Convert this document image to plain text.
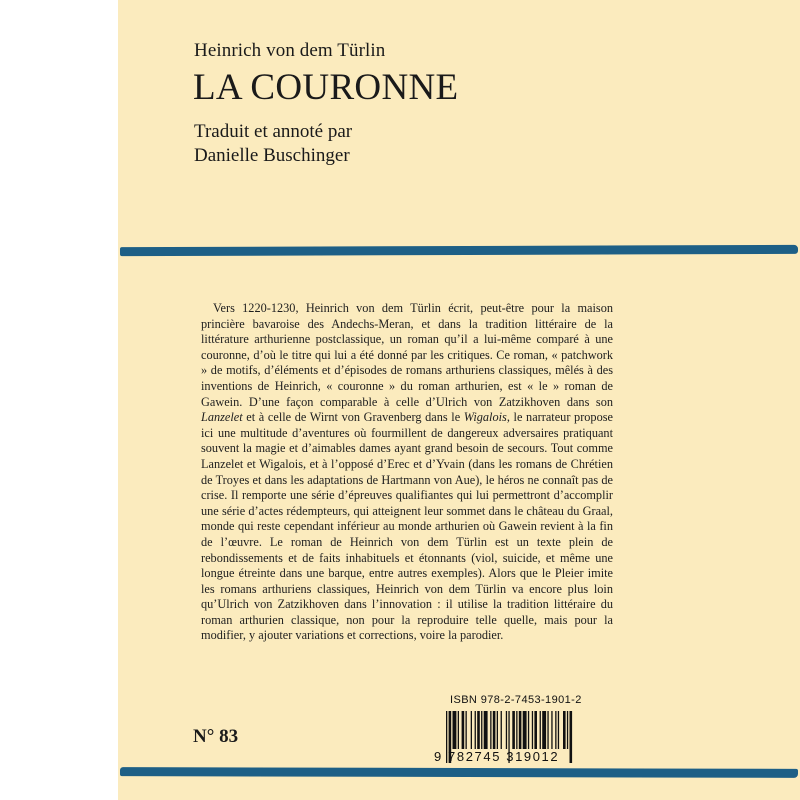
Heinrich von dem Türlin
LA COURONNE
Traduit et annoté par
Danielle Buschinger
Vers 1220-1230, Heinrich von dem Türlin écrit, peut-être pour la maison princière bavaroise des Andechs-Meran, et dans la tradition littéraire de la littérature arthurienne postclassique, un roman qu’il a lui-même comparé à une couronne, d’où le titre qui lui a été donné par les critiques. Ce roman, « patchwork » de motifs, d’éléments et d’épisodes de romans arthuriens classiques, mêlés à des inventions de Heinrich, « couronne » du roman arthurien, est « le » roman de Gawein. D’une façon comparable à celle d’Ulrich von Zatzikhoven dans son Lanzelet et à celle de Wirnt von Gravenberg dans le Wigalois, le narrateur propose ici une multitude d’aventures où fourmillent de dangereux adversaires pratiquant souvent la magie et d’aimables dames ayant grand besoin de secours. Tout comme Lanzelet et Wigalois, et à l’opposé d’Erec et d’Yvain (dans les romans de Chrétien de Troyes et dans les adaptations de Hartmann von Aue), le héros ne connaît pas de crise. Il remporte une série d’épreuves qualifiantes qui lui permettront d’accomplir une série d’actes rédempteurs, qui atteignent leur sommet dans le château du Graal, monde qui reste cependant inférieur au monde arthurien où Gawein revient à la fin de l’œuvre. Le roman de Heinrich von dem Türlin est un texte plein de rebondissements et de faits inhabituels et étonnants (viol, suicide, et même une longue étreinte dans une barque, entre autres exemples). Alors que le Pleier imite les romans arthuriens classiques, Heinrich von dem Türlin va encore plus loin qu’Ulrich von Zatzikhoven dans l’innovation : il utilise la tradition littéraire du roman arthurien classique, non pour la reproduire telle quelle, mais pour la modifier, y ajouter variations et corrections, voire la parodier.
N° 83
ISBN 978-2-7453-1901-2
9 782745 319012
